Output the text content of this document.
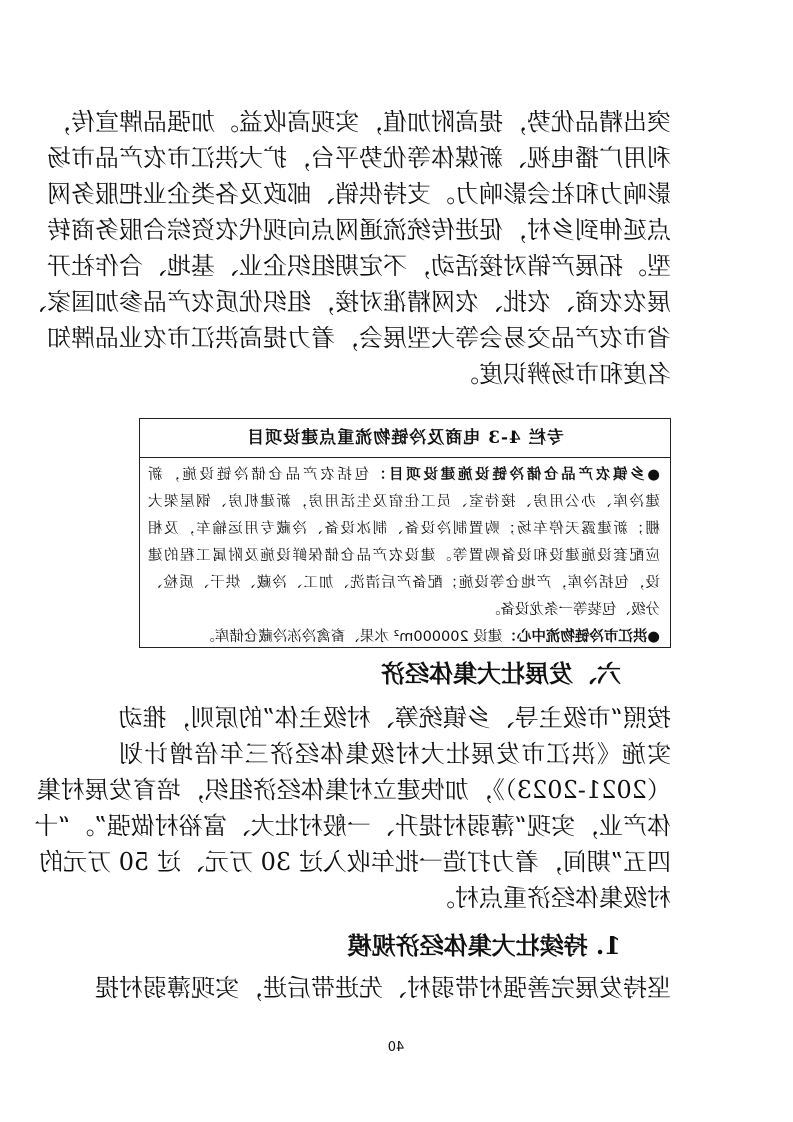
突出精品优势，提高附加值，实现高收益。加强品牌宣传，
利用广播电视、新媒体等优势平台，扩大洪江市农产品市场
影响力和社会影响力。支持供销、邮政及各类企业把服务网
点延伸到乡村，促进传统流通网点向现代农资综合服务商转
型。拓展产销对接活动，不定期组织企业、基地、合作社开
展农农商、农批、农网精准对接，组织优质农产品参加国家、
省市农产品交易会等大型展会，着力提高洪江市农业品牌知
名度和市场辨识度。
专栏 4-3 电商及冷链物流重点建设项目
●乡镇农产品仓储冷链设施建设项目：包括农产品仓储冷链设施，新
建冷库、办公用房、接待室、员工住宿及生活用房，新建机房、钢屋架大
棚；新建露天停车场；购置制冷设备、制冰设备、冷藏专用运输车，及相
应配套设施建设和设备购置等。建设农产品仓储保鲜设施及附属工程的建
设，包括冷库，产地仓等设施；配备产后清洗、加工、冷藏、烘干、质检、
分级、包装等一条龙设备。
●洪江市冷链物流中心：建设 200000m² 水果、畜禽冷冻冷藏仓储库。
六、发展壮大集体经济
按照“市级主导、乡镇统筹、村级主体”的原则，推动
实施《洪江市发展壮大村级集体经济三年倍增计划
（2021-2023）》，加快建立村集体经济组织，培育发展村集
体产业，实现“薄弱村提升、一般村壮大、富裕村做强”。“十
四五”期间，着力打造一批年收入过 30 万元、过 50 万元的
村级集体经济重点村。
1. 持续壮大集体经济规模
坚持发展完善强村带弱村、先进带后进，实现薄弱村提
40
